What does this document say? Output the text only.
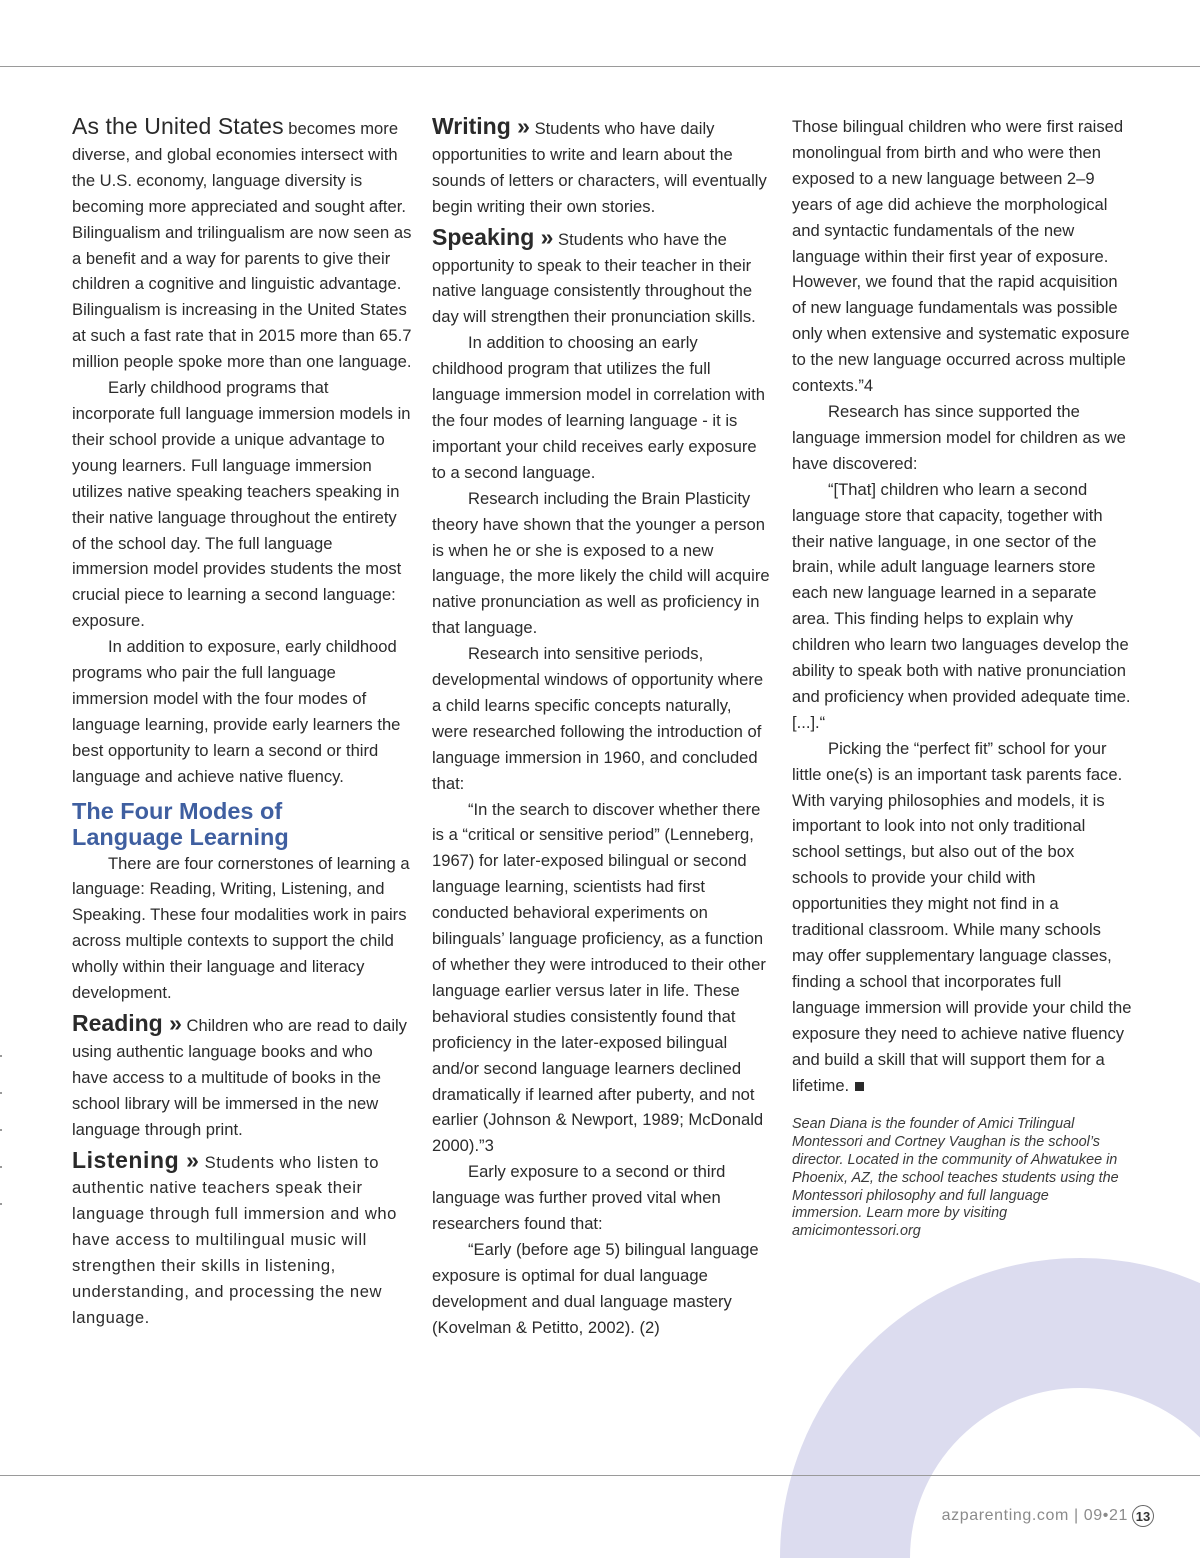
As the United States becomes more diverse, and global economies intersect with the U.S. economy, language diversity is becoming more appreciated and sought after. Bilingualism and trilingualism are now seen as a benefit and a way for parents to give their children a cognitive and linguistic advantage. Bilingualism is increasing in the United States at such a fast rate that in 2015 more than 65.7 million people spoke more than one language.

Early childhood programs that incorporate full language immersion models in their school provide a unique advantage to young learners. Full language immersion utilizes native speaking teachers speaking in their native language throughout the entirety of the school day. The full language immersion model provides students the most crucial piece to learning a second language: exposure.

In addition to exposure, early childhood programs who pair the full language immersion model with the four modes of language learning, provide early learners the best opportunity to learn a second or third language and achieve native fluency.

The Four Modes of
Language Learning

There are four cornerstones of learning a language: Reading, Writing, Listening, and Speaking. These four modalities work in pairs across multiple contexts to support the child wholly within their language and literacy development.

Reading » Children who are read to daily using authentic language books and who have access to a multitude of books in the school library will be immersed in the new language through print.

Listening » Students who listen to authentic native teachers speak their language through full immersion and who have access to multilingual music will strengthen their skills in listening, understanding, and processing the new language.

Writing » Students who have daily opportunities to write and learn about the sounds of letters or characters, will eventually begin writing their own stories.

Speaking » Students who have the opportunity to speak to their teacher in their native language consistently throughout the day will strengthen their pronunciation skills.

In addition to choosing an early childhood program that utilizes the full language immersion model in correlation with the four modes of learning language - it is important your child receives early exposure to a second language.

Research including the Brain Plasticity theory have shown that the younger a person is when he or she is exposed to a new language, the more likely the child will acquire native pronunciation as well as proficiency in that language.

Research into sensitive periods, developmental windows of opportunity where a child learns specific concepts naturally, were researched following the introduction of language immersion in 1960, and concluded that:

“In the search to discover whether there is a “critical or sensitive period” (Lenneberg, 1967) for later-exposed bilingual or second language learning, scientists had first conducted behavioral experiments on bilinguals’ language proficiency, as a function of whether they were introduced to their other language earlier versus later in life. These behavioral studies consistently found that proficiency in the later-exposed bilingual and/or second language learners declined dramatically if learned after puberty, and not earlier (Johnson & Newport, 1989; McDonald 2000).”3

Early exposure to a second or third language was further proved vital when researchers found that:

“Early (before age 5) bilingual language exposure is optimal for dual language development and dual language mastery (Kovelman & Petitto, 2002). (2)

Those bilingual children who were first raised monolingual from birth and who were then exposed to a new language between 2–9 years of age did achieve the morphological and syntactic fundamentals of the new language within their first year of exposure. However, we found that the rapid acquisition of new language fundamentals was possible only when extensive and systematic exposure to the new language occurred across multiple contexts.”4

Research has since supported the language immersion model for children as we have discovered:

“[That] children who learn a second language store that capacity, together with their native language, in one sector of the brain, while adult language learners store each new language learned in a separate area. This finding helps to explain why children who learn two languages develop the ability to speak both with native pronunciation and proficiency when provided adequate time. [...].“

Picking the “perfect fit” school for your little one(s) is an important task parents face. With varying philosophies and models, it is important to look into not only traditional school settings, but also out of the box schools to provide your child with opportunities they might not find in a traditional classroom. While many schools may offer supplementary language classes, finding a school that incorporates full language immersion will provide your child the exposure they need to achieve native fluency and build a skill that will support them for a lifetime.

Sean Diana is the founder of Amici Trilingual Montessori and Cortney Vaughan is the school’s director. Located in the community of Ahwatukee in Phoenix, AZ, the school teaches students using the Montessori philosophy and full language immersion. Learn more by visiting amicimontessori.org

azparenting.com | 09•21 13
